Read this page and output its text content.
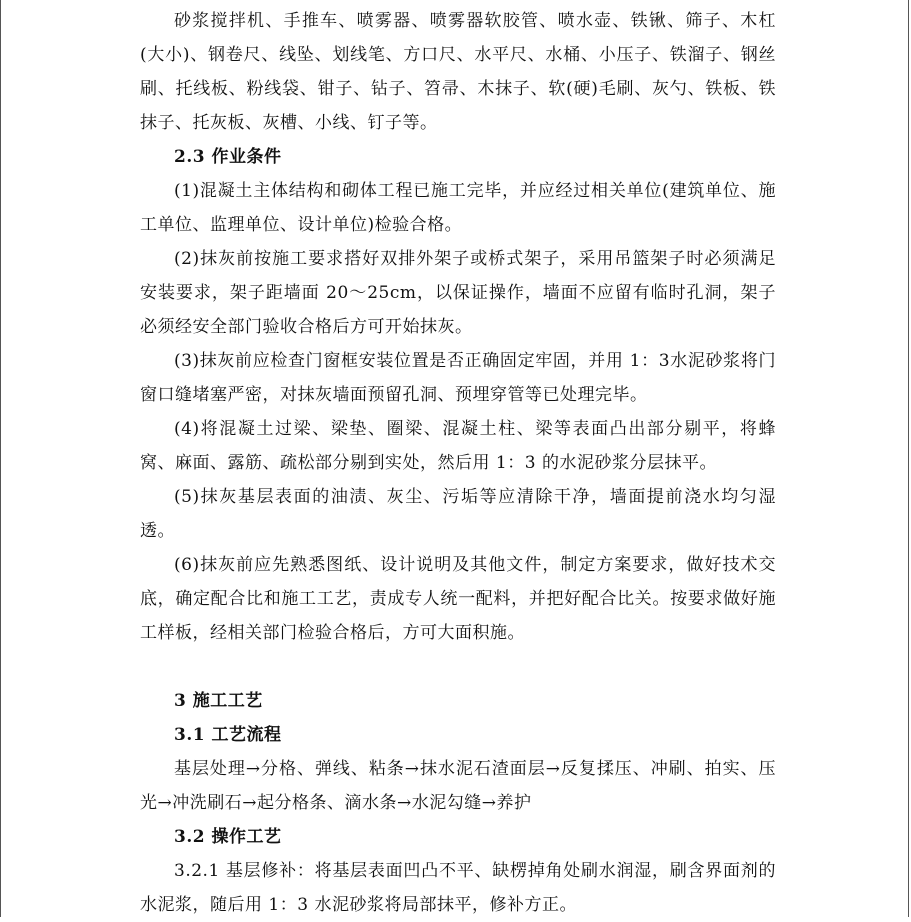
砂浆搅拌机、手推车、喷雾器、喷雾器软胶管、喷水壶、铁锹、筛子、木杠(大小)、钢卷尺、线坠、划线笔、方口尺、水平尺、水桶、小压子、铁溜子、钢丝刷、托线板、粉线袋、钳子、钻子、笤帚、木抹子、软(硬)毛刷、灰勺、铁板、铁抹子、托灰板、灰槽、小线、钉子等。
2.3 作业条件
(1)混凝土主体结构和砌体工程已施工完毕，并应经过相关单位(建筑单位、施工单位、监理单位、设计单位)检验合格。
(2)抹灰前按施工要求搭好双排外架子或桥式架子，采用吊篮架子时必须满足安装要求，架子距墙面 20～25cm，以保证操作，墙面不应留有临时孔洞，架子必须经安全部门验收合格后方可开始抹灰。
(3)抹灰前应检查门窗框安装位置是否正确固定牢固，并用 1：3水泥砂浆将门窗口缝堵塞严密，对抹灰墙面预留孔洞、预埋穿管等已处理完毕。
(4)将混凝土过梁、梁垫、圈梁、混凝土柱、梁等表面凸出部分剔平，将蜂窝、麻面、露筋、疏松部分剔到实处，然后用 1：3 的水泥砂浆分层抹平。
(5)抹灰基层表面的油渍、灰尘、污垢等应清除干净，墙面提前浇水均匀湿透。
(6)抹灰前应先熟悉图纸、设计说明及其他文件，制定方案要求，做好技术交底，确定配合比和施工工艺，责成专人统一配料，并把好配合比关。按要求做好施工样板，经相关部门检验合格后，方可大面积施。
3 施工工艺
3.1 工艺流程
基层处理→分格、弹线、粘条→抹水泥石渣面层→反复揉压、冲刷、拍实、压光→冲洗刷石→起分格条、滴水条→水泥勾缝→养护
3.2 操作工艺
3.2.1 基层修补：将基层表面凹凸不平、缺楞掉角处刷水润湿，刷含界面剂的水泥浆，随后用 1：3 水泥砂浆将局部抹平，修补方正。
